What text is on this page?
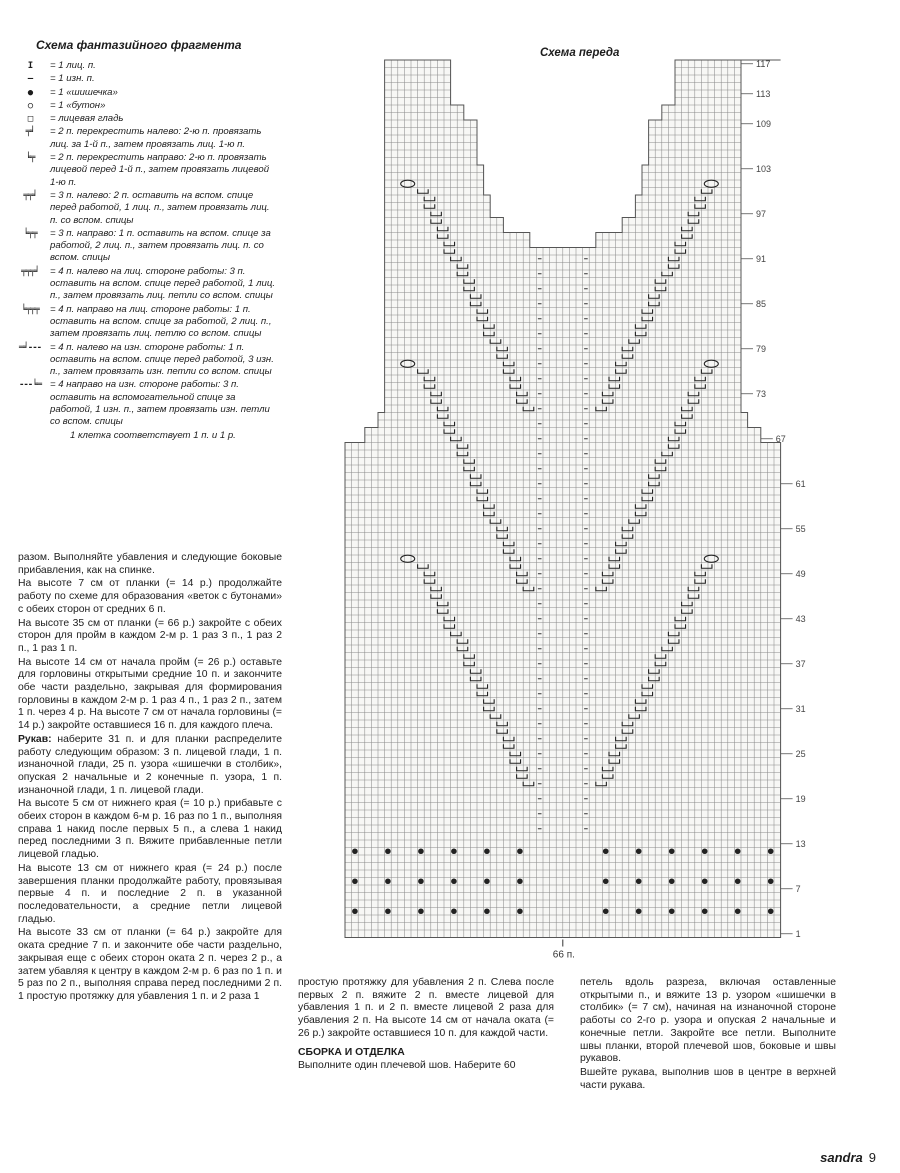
Схема фантазийного фрагмента
I	= 1 лиц. п.
–	= 1 изн. п.
●	= 1 «шишечка»
○	= 1 «бутон»
□	= лицевая гладь
╤╛	= 2 п. перекрестить налево: 2-ю п. провязать лиц. за 1-й п., затем провязать лиц. 1-ю п.
╘╤	= 2 п. перекрестить направо: 2-ю п. провязать лицевой перед 1-й п., затем провязать лицевой 1-ю п.
╤╤╛	= 3 п. налево: 2 п. оставить на вспом. спице перед работой, 1 лиц. п., затем провязать лиц. п. со вспом. спицы
╘╤╤	= 3 п. направо: 1 п. оставить на вспом. спице за работой, 2 лиц. п., затем провязать лиц. п. со вспом. спицы
╤╤╤╛	= 4 п. налево на лиц. стороне работы: 3 п. оставить на вспом. спице перед работой, 1 лиц. п., затем провязать лиц. петли со вспом. спицы
╘╤╤╤	= 4 п. направо на лиц. стороне работы: 1 п. оставить на вспом. спице за работой, 2 лиц. п., затем провязать лиц. петлю со вспом. спицы
═╛--- = 4 п. налево на изн. стороне работы: 1 п. оставить на вспом. спице перед работой, 3 изн. п., затем провязать изн. петли со вспом. спицы
---╘═ = 4 направо на изн. стороне работы: 3 п. оставить на вспомогательной спице за работой, 1 изн. п., затем провязать изн. петли со вспом. спицы
1 клетка соответствует 1 п. и 1 р.
Схема переда
117
113
109
103
97
91
85
79
73
67
61
55
49
43
37
31
25
19
13
7
1
66 п.

разом. Выполняйте убавления и следующие боковые прибавления, как на спинке.

На высоте 7 см от планки (= 14 р.) продолжайте работу по схеме для образования «веток с бутонами» с обеих сторон от средних 6 п.

На высоте 35 см от планки (= 66 р.) закройте с обеих сторон для пройм в каждом 2-м р. 1 раз 3 п., 1 раз 2 п., 1 раз 1 п.

На высоте 14 см от начала пройм (= 26 р.) оставьте для горловины открытыми средние 10 п. и закончите обе части раздельно, закрывая для формирования горловины в каждом 2-м р. 1 раз 4 п., 1 раз 2 п., затем 1 п. через 4 р. На высоте 7 см от начала горловины (= 14 р.) закройте оставшиеся 16 п. для каждого плеча.

Рукав: наберите 31 п. и для планки распределите работу следующим образом: 3 п. лицевой глади, 1 п. изнаночной глади, 25 п. узора «шишечки в столбик», опуская 2 начальные и 2 конечные п. узора, 1 п. изнаночной глади, 1 п. лицевой глади.

На высоте 5 см от нижнего края (= 10 р.) прибавьте с обеих сторон в каждом 6-м р. 16 раз по 1 п., выполняя справа 1 накид после первых 5 п., а слева 1 накид перед последними 3 п. Вяжите прибавленные петли лицевой гладью.

На высоте 13 см от нижнего края (= 24 р.) после завершения планки продолжайте работу, провязывая первые 4 п. и последние 2 п. в указанной последовательности, а средние петли лицевой гладью.

На высоте 33 см от планки (= 64 р.) закройте для оката средние 7 п. и закончите обе части раздельно, закрывая еще с обеих сторон оката 2 п. через 2 р., а затем убавляя к центру в каждом 2-м р. 6 раз по 1 п. и 5 раз по 2 п., выполняя справа перед последними 2 п. 1 простую протяжку для убавления 1 п. и 2 раза 1

простую протяжку для убавления 2 п. Слева после первых 2 п. вяжите 2 п. вместе лицевой для убавления 1 п. и 2 п. вместе лицевой 2 раза для убавления 2 п. На высоте 14 см от начала оката (= 26 р.) закройте оставшиеся 10 п. для каждой части.

СБОРКА И ОТДЕЛКА

Выполните один плечевой шов. Наберите 60

петель вдоль разреза, включая оставленные открытыми п., и вяжите 13 р. узором «шишечки в столбик» (= 7 см), начиная на изнаночной стороне работы со 2-го р. узора и опуская 2 начальные и конечные петли. Закройте все петли. Выполните швы планки, второй плечевой шов, боковые и швы рукавов.

Вшейте рукава, выполнив шов в центре в верхней части рукава.

sandra 9
